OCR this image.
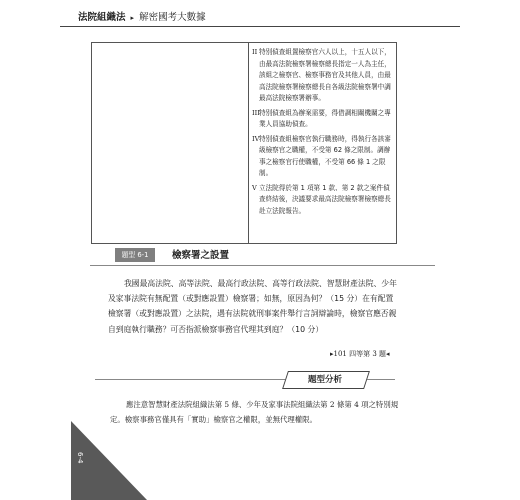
法院組織法 ▸ 解密國考大數據
II 特別偵查組置檢察官六人以上，十五人以下，由最高法院檢察署檢察總長指定一人為主任，該組之檢察官、檢察事務官及其他人員，由最高法院檢察署檢察總長自各級法院檢察署中調最高法院檢察署辦事。
III 特別偵查組為辦案需要，得借調相關機關之專業人員協助偵查。
IV 特別偵查組檢察官執行職務時，得執行各該審級檢察官之職權，不受第 62 條之限制。調辦事之檢察官行使職權，不受第 66 條 1 之限制。
V 立法院得於第 1 項第 1 款、第 2 款之案件偵查終結後，決議要求最高法院檢察署檢察總長赴立法院報告。
題型 6-1	檢察署之設置

我國最高法院、高等法院、最高行政法院、高等行政法院、智慧財產法院、少年及家事法院有無配置（或對應設置）檢察署；如無，原因為何？（15 分）在有配置檢察署（或對應設置）之法院，遇有法院就刑事案件舉行言詞辯論時，檢察官應否親自到庭執行職務？可否指派檢察事務官代理其到庭？（10 分）

▸101 四等第 3 題◂
題型分析

應注意智慧財產法院組織法第 5 條、少年及家事法院組織法第 2 條第 4 項之特別規定。檢察事務官僅具有「實助」檢察官之權限，並無代理權限。

6-4
